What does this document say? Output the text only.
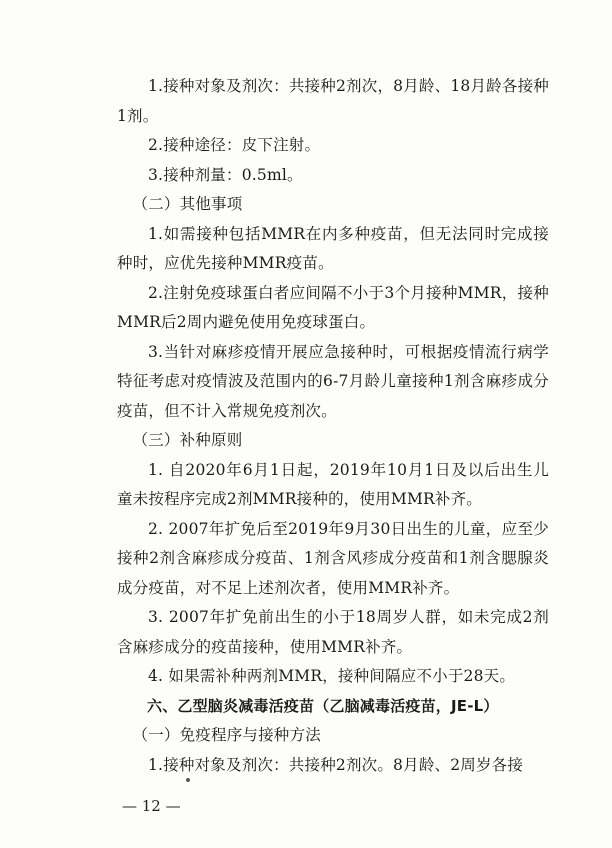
1.接种对象及剂次：共接种2剂次，8月龄、18月龄各接种1剂。

2.接种途径：皮下注射。

3.接种剂量：0.5ml。

（二）其他事项

1.如需接种包括MMR在内多种疫苗，但无法同时完成接种时，应优先接种MMR疫苗。

2.注射免疫球蛋白者应间隔不小于3个月接种MMR，接种MMR后2周内避免使用免疫球蛋白。

3.当针对麻疹疫情开展应急接种时，可根据疫情流行病学特征考虑对疫情波及范围内的6-7月龄儿童接种1剂含麻疹成分疫苗，但不计入常规免疫剂次。

（三）补种原则

1. 自2020年6月1日起，2019年10月1日及以后出生儿童未按程序完成2剂MMR接种的，使用MMR补齐。

2. 2007年扩免后至2019年9月30日出生的儿童，应至少接种2剂含麻疹成分疫苗、1剂含风疹成分疫苗和1剂含腮腺炎成分疫苗，对不足上述剂次者，使用MMR补齐。

3. 2007年扩免前出生的小于18周岁人群，如未完成2剂含麻疹成分的疫苗接种，使用MMR补齐。

4. 如果需补种两剂MMR，接种间隔应不小于28天。

六、乙型脑炎减毒活疫苗（乙脑减毒活疫苗，JE-L）

（一）免疫程序与接种方法

1.接种对象及剂次：共接种2剂次。8月龄、2周岁各接

— 12 —
